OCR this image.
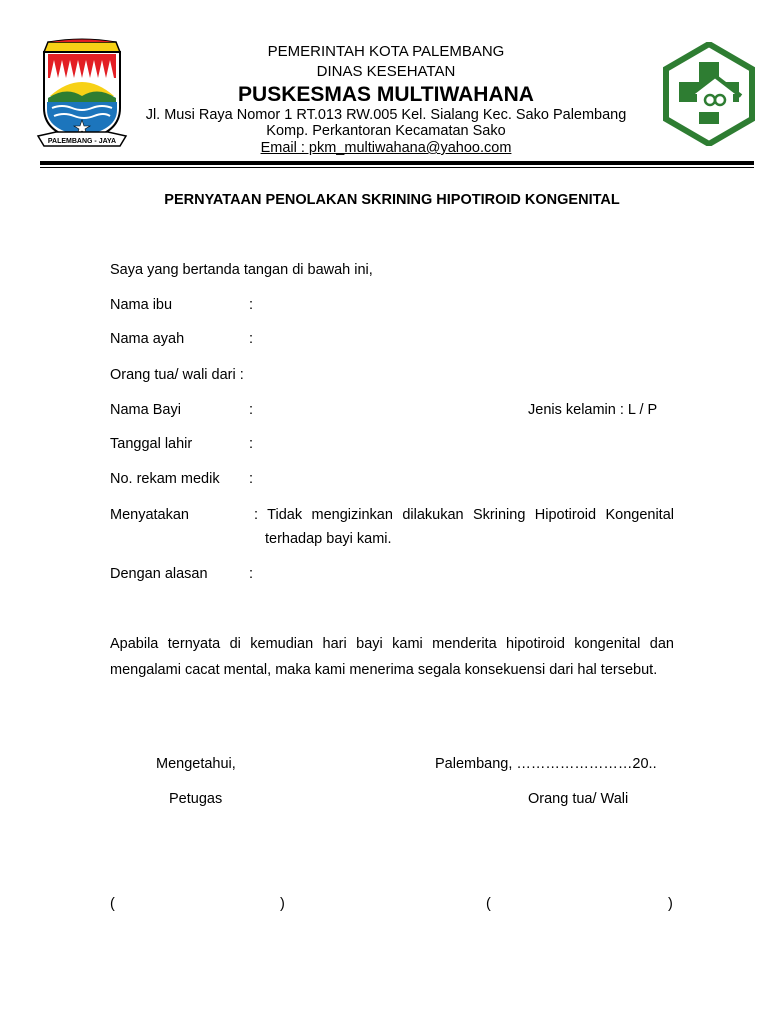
PALEMBANG - JAYA
PEMERINTAH KOTA PALEMBANG
DINAS KESEHATAN
PUSKESMAS MULTIWAHANA
Jl. Musi Raya Nomor 1 RT.013 RW.005 Kel. Sialang Kec. Sako Palembang
Komp. Perkantoran Kecamatan Sako
Email : pkm_multiwahana@yahoo.com
PERNYATAAN PENOLAKAN SKRINING HIPOTIROID KONGENITAL
Saya yang bertanda tangan di bawah ini,
Nama ibu	:
Nama ayah	:
Orang tua/ wali dari :
Nama Bayi	:	Jenis kelamin : L / P
Tanggal lahir	:
No. rekam medik :
Menyatakan	: Tidak mengizinkan dilakukan Skrining Hipotiroid Kongenital
terhadap bayi kami.
Dengan alasan	:
Apabila ternyata di kemudian hari bayi kami menderita hipotiroid kongenital dan mengalami cacat mental, maka kami menerima segala konsekuensi dari hal tersebut.
Mengetahui,	Palembang, ……………………20..
Petugas	Orang tua/ Wali
(	)	(	)
